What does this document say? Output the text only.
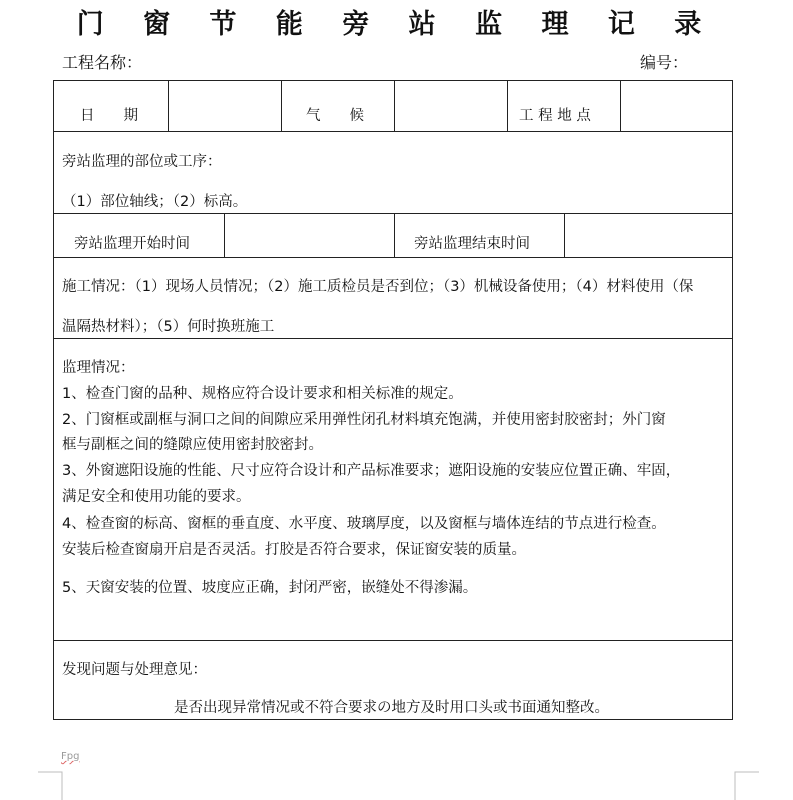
门 窗 节 能 旁 站 监 理 记 录
工程名称：	编号：
日　　期	气　　候	工 程 地 点
旁站监理的部位或工序：
（1）部位轴线；（2）标高。
旁站监理开始时间	旁站监理结束时间
施工情况：（1）现场人员情况；（2）施工质检员是否到位；（3）机械设备使用；（4）材料使用（保
温隔热材料）；（5）何时换班施工
监理情况：
1、检查门窗的品种、规格应符合设计要求和相关标准的规定。
2、门窗框或副框与洞口之间的间隙应采用弹性闭孔材料填充饱满，并使用密封胶密封；外门窗
框与副框之间的缝隙应使用密封胶密封。
3、外窗遮阳设施的性能、尺寸应符合设计和产品标准要求；遮阳设施的安装应位置正确、牢固，
满足安全和使用功能的要求。
4、检查窗的标高、窗框的垂直度、水平度、玻璃厚度，以及窗框与墙体连结的节点进行检查。
安装后检查窗扇开启是否灵活。打胶是否符合要求，保证窗安装的质量。
5、天窗安装的位置、坡度应正确，封闭严密，嵌缝处不得渗漏。
发现问题与处理意见：
是否出现异常情况或不符合要求の地方及时用口头或书面通知整改。
Fpg
